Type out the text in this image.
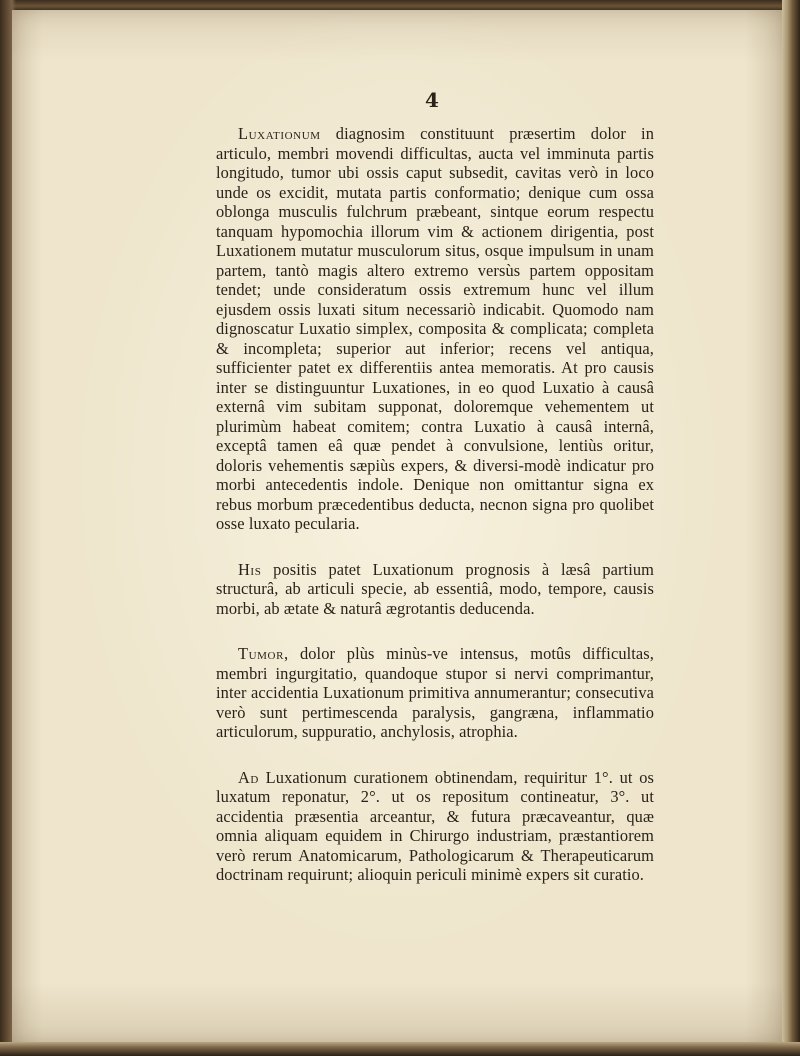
4

Luxationum diagnosim constituunt præsertim dolor in articulo, membri movendi difficultas, aucta vel imminuta partis longitudo, tumor ubi ossis caput subsedit, cavitas verò in loco unde os excidit, mutata partis conformatio; denique cum ossa oblonga musculis fulchrum præbeant, sintque eorum respectu tanquam hypomochia illorum vim & actionem dirigentia, post Luxationem mutatur musculorum situs, osque impulsum in unam partem, tantò magis altero extremo versùs partem oppositam tendet; unde consideratum ossis extremum hunc vel illum ejusdem ossis luxati situm necessariò indicabit. Quomodo nam dignoscatur Luxatio simplex, composita & complicata; completa & incompleta; superior aut inferior; recens vel antiqua, sufficienter patet ex differentiis antea memoratis. At pro causis inter se distinguuntur Luxationes, in eo quod Luxatio à causâ externâ vim subitam supponat, doloremque vehementem ut plurimùm habeat comitem; contra Luxatio à causâ internâ, exceptâ tamen eâ quæ pendet à convulsione, lentiùs oritur, doloris vehementis sæpiùs expers, & diversi-modè indicatur pro morbi antecedentis indole. Denique non omittantur signa ex rebus morbum præcedentibus deducta, necnon signa pro quolibet osse luxato pecularia.

His positis patet Luxationum prognosis à læsâ partium structurâ, ab articuli specie, ab essentiâ, modo, tempore, causis morbi, ab ætate & naturâ ægrotantis deducenda.

Tumor, dolor plùs minùs-ve intensus, motûs difficultas, membri ingurgitatio, quandoque stupor si nervi comprimantur, inter accidentia Luxationum primitiva annumerantur; consecutiva verò sunt pertimescenda paralysis, gangræna, inflammatio articulorum, suppuratio, anchylosis, atrophia.

Ad Luxationum curationem obtinendam, requiritur 1°. ut os luxatum reponatur, 2°. ut os repositum contineatur, 3°. ut accidentia præsentia arceantur, & futura præcaveantur, quæ omnia aliquam equidem in Chirurgo industriam, præstantiorem verò rerum Anatomicarum, Pathologicarum & Therapeuticarum doctrinam requirunt; alioquin periculi minimè expers sit curatio.
